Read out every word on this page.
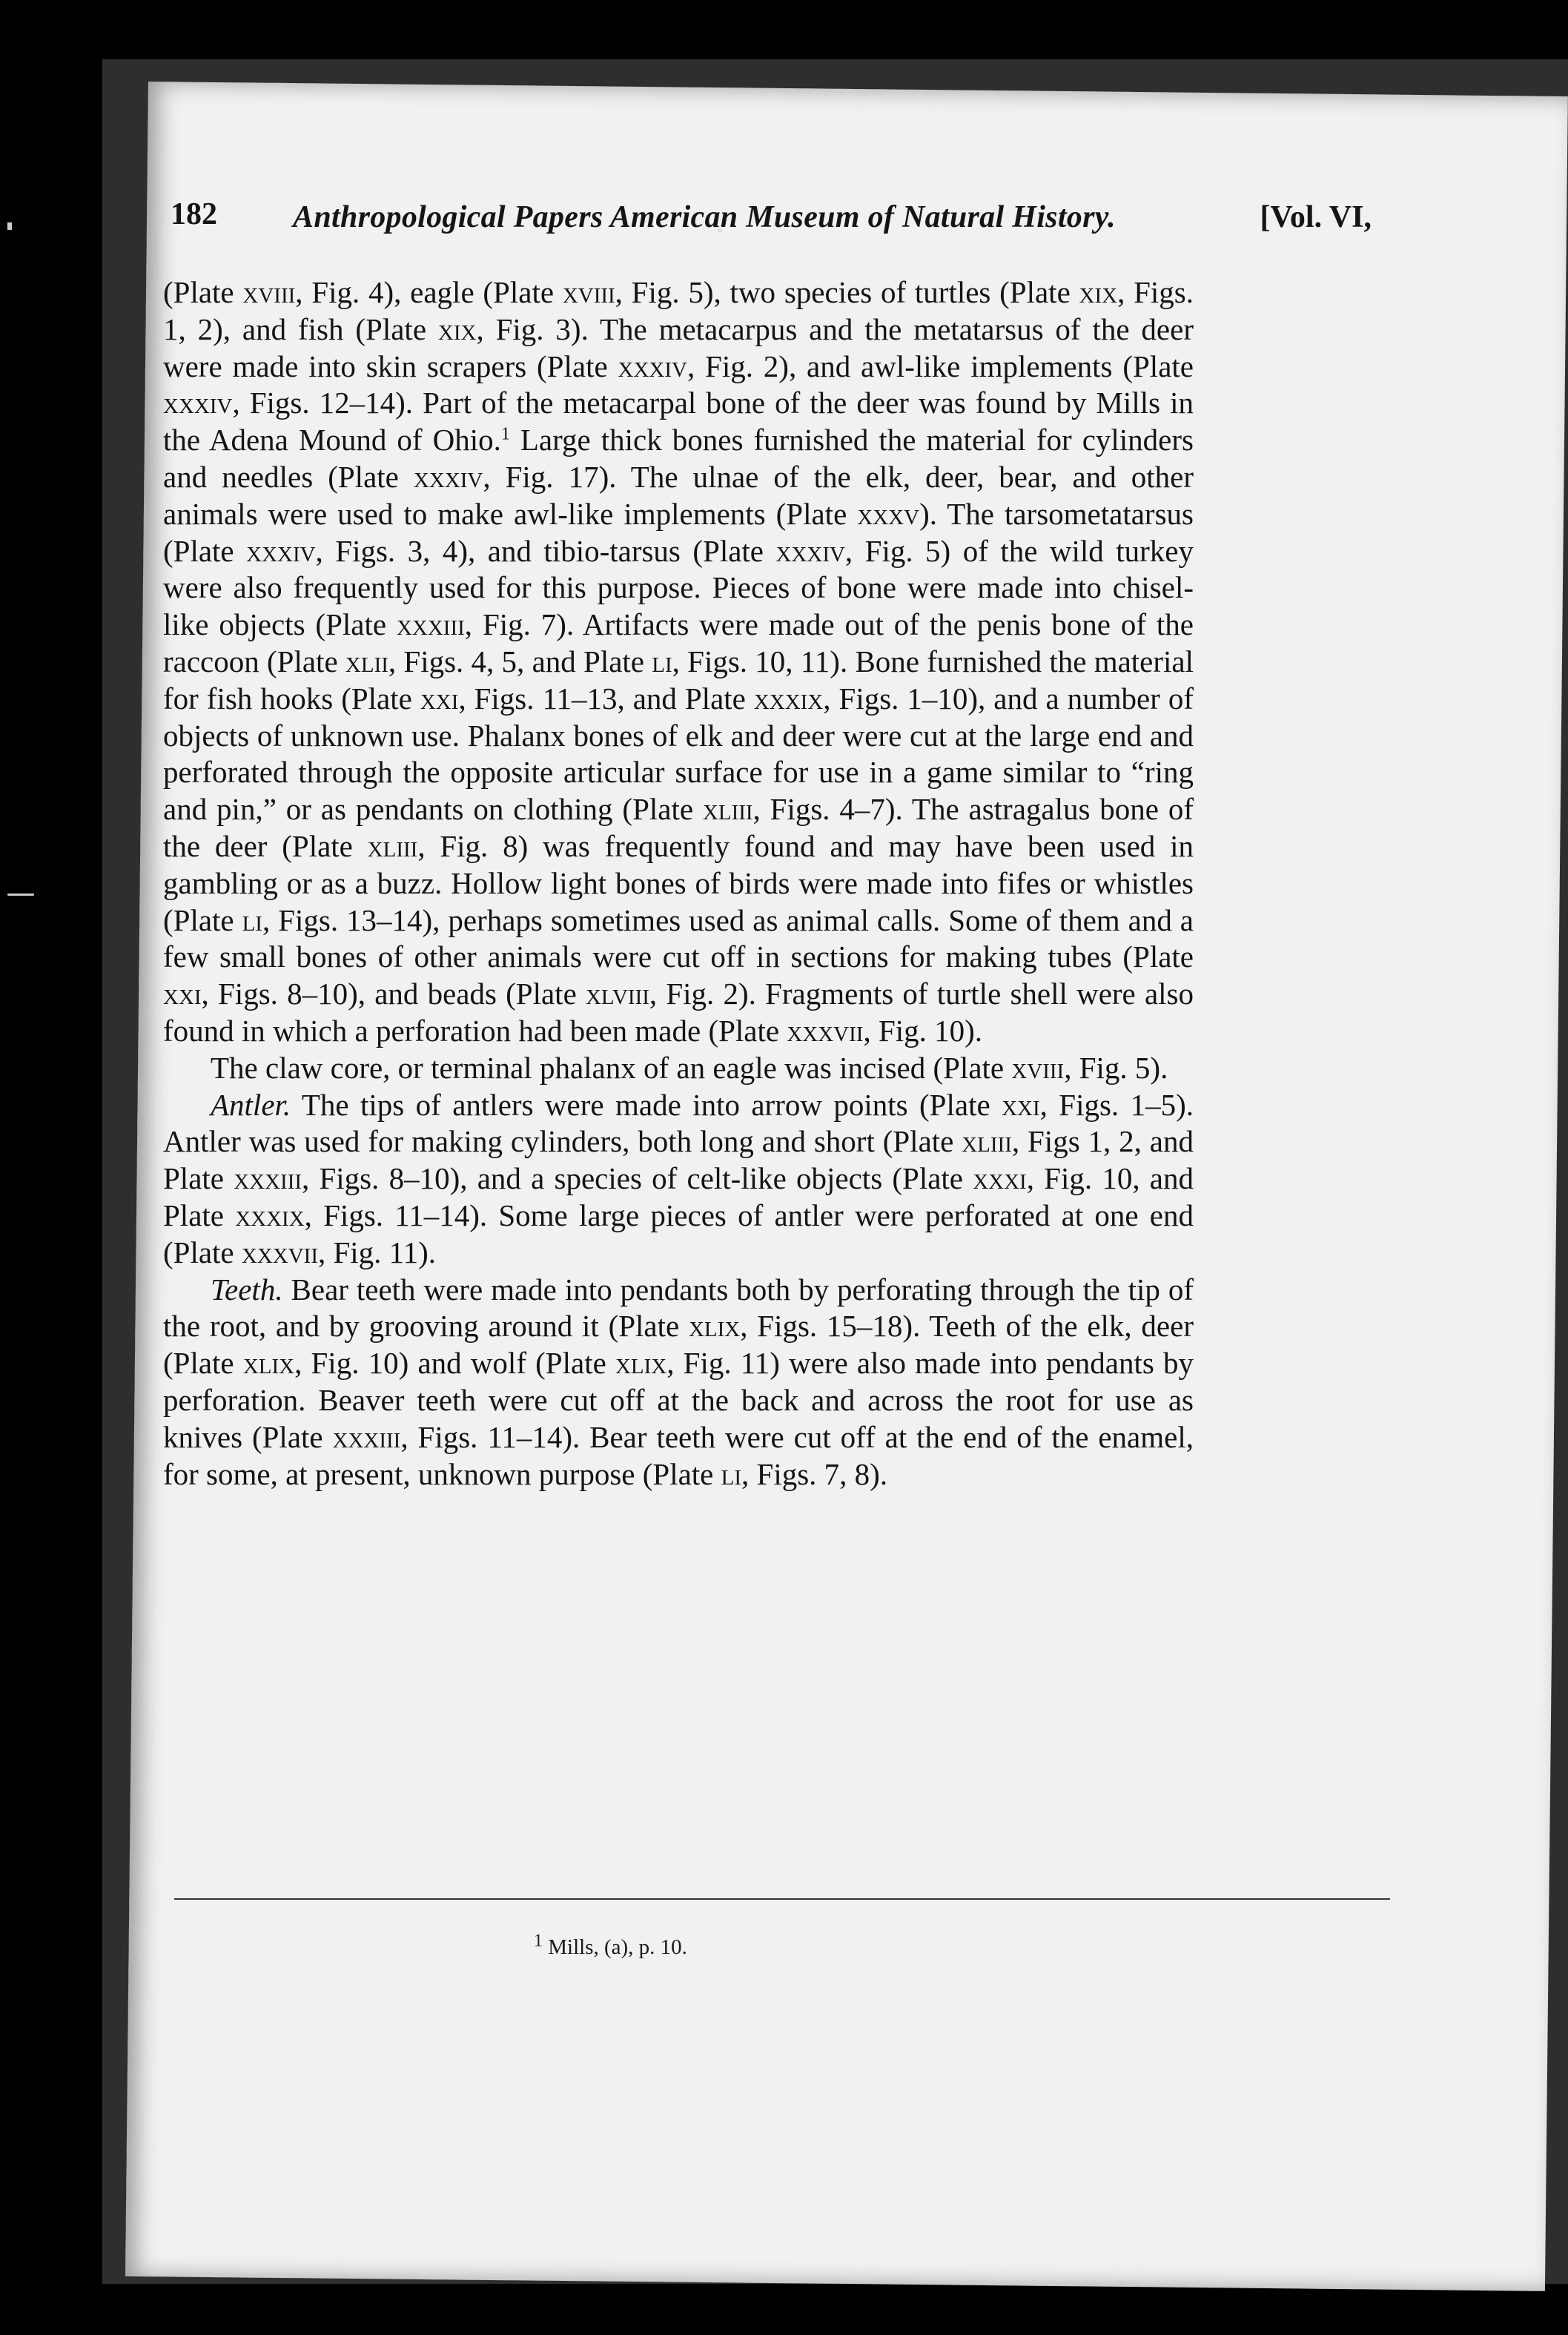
182 Anthropological Papers American Museum of Natural History.	[Vol. VI,

(Plate xviii, Fig. 4), eagle (Plate xviii, Fig. 5), two species of turtles (Plate xix, Figs. 1, 2), and fish (Plate xix, Fig. 3). The metacarpus and the metatarsus of the deer were made into skin scrapers (Plate xxxiv, Fig. 2), and awl-like implements (Plate xxxiv, Figs. 12–14). Part of the metacarpal bone of the deer was found by Mills in the Adena Mound of Ohio.$^1$ Large thick bones furnished the material for cylinders and needles (Plate xxxiv, Fig. 17). The ulnae of the elk, deer, bear, and other animals were used to make awl-like implements (Plate xxxv). The tarsometatarsus (Plate xxxiv, Figs. 3, 4), and tibio-tarsus (Plate xxxiv, Fig. 5) of the wild turkey were also frequently used for this purpose. Pieces of bone were made into chisel-like objects (Plate xxxiii, Fig. 7). Artifacts were made out of the penis bone of the raccoon (Plate xlii, Figs. 4, 5, and Plate li, Figs. 10, 11). Bone furnished the material for fish hooks (Plate xxi, Figs. 11–13, and Plate xxxix, Figs. 1–10), and a number of objects of unknown use. Phalanx bones of elk and deer were cut at the large end and perforated through the opposite articular surface for use in a game similar to “ring and pin,” or as pendants on clothing (Plate xliii, Figs. 4–7). The astragalus bone of the deer (Plate xliii, Fig. 8) was frequently found and may have been used in gambling or as a buzz. Hollow light bones of birds were made into fifes or whistles (Plate li, Figs. 13–14), perhaps sometimes used as animal calls. Some of them and a few small bones of other animals were cut off in sections for making tubes (Plate xxi, Figs. 8–10), and beads (Plate xlviii, Fig. 2). Fragments of turtle shell were also found in which a perforation had been made (Plate xxxvii, Fig. 10).

The claw core, or terminal phalanx of an eagle was incised (Plate xviii, Fig. 5).

Antler. The tips of antlers were made into arrow points (Plate xxi, Figs. 1–5). Antler was used for making cylinders, both long and short (Plate xliii, Figs 1, 2, and Plate xxxiii, Figs. 8–10), and a species of celt-like objects (Plate xxxi, Fig. 10, and Plate xxxix, Figs. 11–14). Some large pieces of antler were perforated at one end (Plate xxxvii, Fig. 11).

Teeth. Bear teeth were made into pendants both by perforating through the tip of the root, and by grooving around it (Plate xlix, Figs. 15–18). Teeth of the elk, deer (Plate xlix, Fig. 10) and wolf (Plate xlix, Fig. 11) were also made into pendants by perforation. Beaver teeth were cut off at the back and across the root for use as knives (Plate xxxiii, Figs. 11–14). Bear teeth were cut off at the end of the enamel, for some, at present, unknown purpose (Plate li, Figs. 7, 8).

$^1$ Mills, (a), p. 10.
